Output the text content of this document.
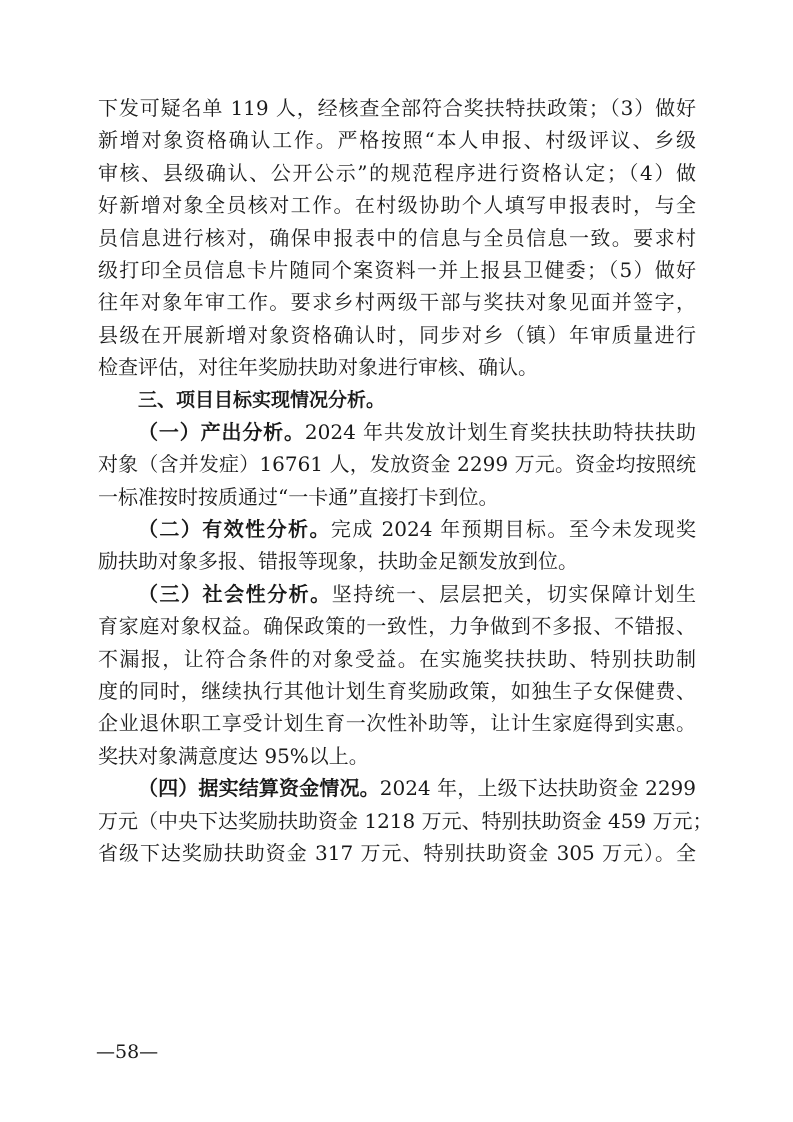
下发可疑名单 119 人，经核查全部符合奖扶特扶政策；（3）做好
新增对象资格确认工作。严格按照“本人申报、村级评议、乡级
审核、县级确认、公开公示”的规范程序进行资格认定；（4）做
好新增对象全员核对工作。在村级协助个人填写申报表时，与全
员信息进行核对，确保申报表中的信息与全员信息一致。要求村
级打印全员信息卡片随同个案资料一并上报县卫健委；（5）做好
往年对象年审工作。要求乡村两级干部与奖扶对象见面并签字，
县级在开展新增对象资格确认时，同步对乡（镇）年审质量进行
检查评估，对往年奖励扶助对象进行审核、确认。
三、项目目标实现情况分析。
（一）产出分析。2024 年共发放计划生育奖扶扶助特扶扶助
对象（含并发症）16761 人，发放资金 2299 万元。资金均按照统
一标准按时按质通过“一卡通”直接打卡到位。
（二）有效性分析。完成 2024 年预期目标。至今未发现奖
励扶助对象多报、错报等现象，扶助金足额发放到位。
（三）社会性分析。坚持统一、层层把关，切实保障计划生
育家庭对象权益。确保政策的一致性，力争做到不多报、不错报、
不漏报，让符合条件的对象受益。在实施奖扶扶助、特别扶助制
度的同时，继续执行其他计划生育奖励政策，如独生子女保健费、
企业退休职工享受计划生育一次性补助等，让计生家庭得到实惠。
奖扶对象满意度达 95%以上。
（四）据实结算资金情况。2024 年，上级下达扶助资金 2299
万元（中央下达奖励扶助资金 1218 万元、特别扶助资金 459 万元；
省级下达奖励扶助资金 317 万元、特别扶助资金 305 万元）。全
—58—
